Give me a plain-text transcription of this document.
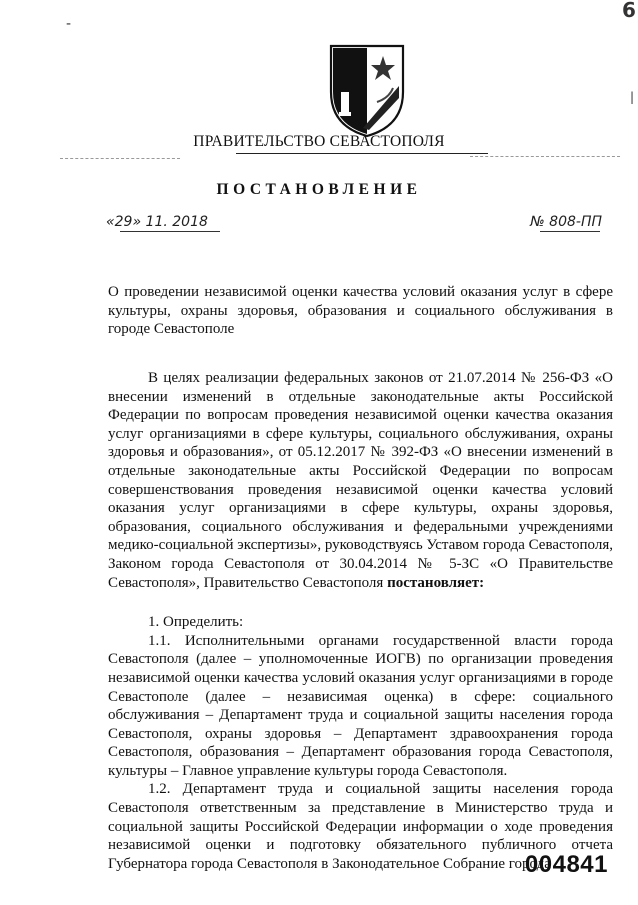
-
6
|
ПРАВИТЕЛЬСТВО СЕВАСТОПОЛЯ
ПОСТАНОВЛЕНИЕ
«29» 11. 2018	№ 808-ПП

О проведении независимой оценки качества условий оказания услуг в сфере культуры, охраны здоровья, образования и социального обслуживания в городе Севастополе

В целях реализации федеральных законов от 21.07.2014 № 256-ФЗ «О внесении изменений в отдельные законодательные акты Российской Федерации по вопросам проведения независимой оценки качества оказания услуг организациями в сфере культуры, социального обслуживания, охраны здоровья и образования», от 05.12.2017 № 392-ФЗ «О внесении изменений в отдельные законодательные акты Российской Федерации по вопросам совершенствования проведения независимой оценки качества условий оказания услуг организациями в сфере культуры, охраны здоровья, образования, социального обслуживания и федеральными учреждениями медико-социальной экспертизы», руководствуясь Уставом города Севастополя, Законом города Севастополя от 30.04.2014 № 5-ЗС «О Правительстве Севастополя», Правительство Севастополя постановляет:

1. Определить:

1.1. Исполнительными органами государственной власти города Севастополя (далее – уполномоченные ИОГВ) по организации проведения независимой оценки качества условий оказания услуг организациями в городе Севастополе (далее – независимая оценка) в сфере: социального обслуживания – Департамент труда и социальной защиты населения города Севастополя, охраны здоровья – Департамент здравоохранения города Севастополя, образования – Департамент образования города Севастополя, культуры – Главное управление культуры города Севастополя.

1.2. Департамент труда и социальной защиты населения города Севастополя ответственным за представление в Министерство труда и социальной защиты Российской Федерации информации о ходе проведения независимой оценки и подготовку обязательного публичного отчета Губернатора города Севастополя в Законодательное Собрание города

004841
